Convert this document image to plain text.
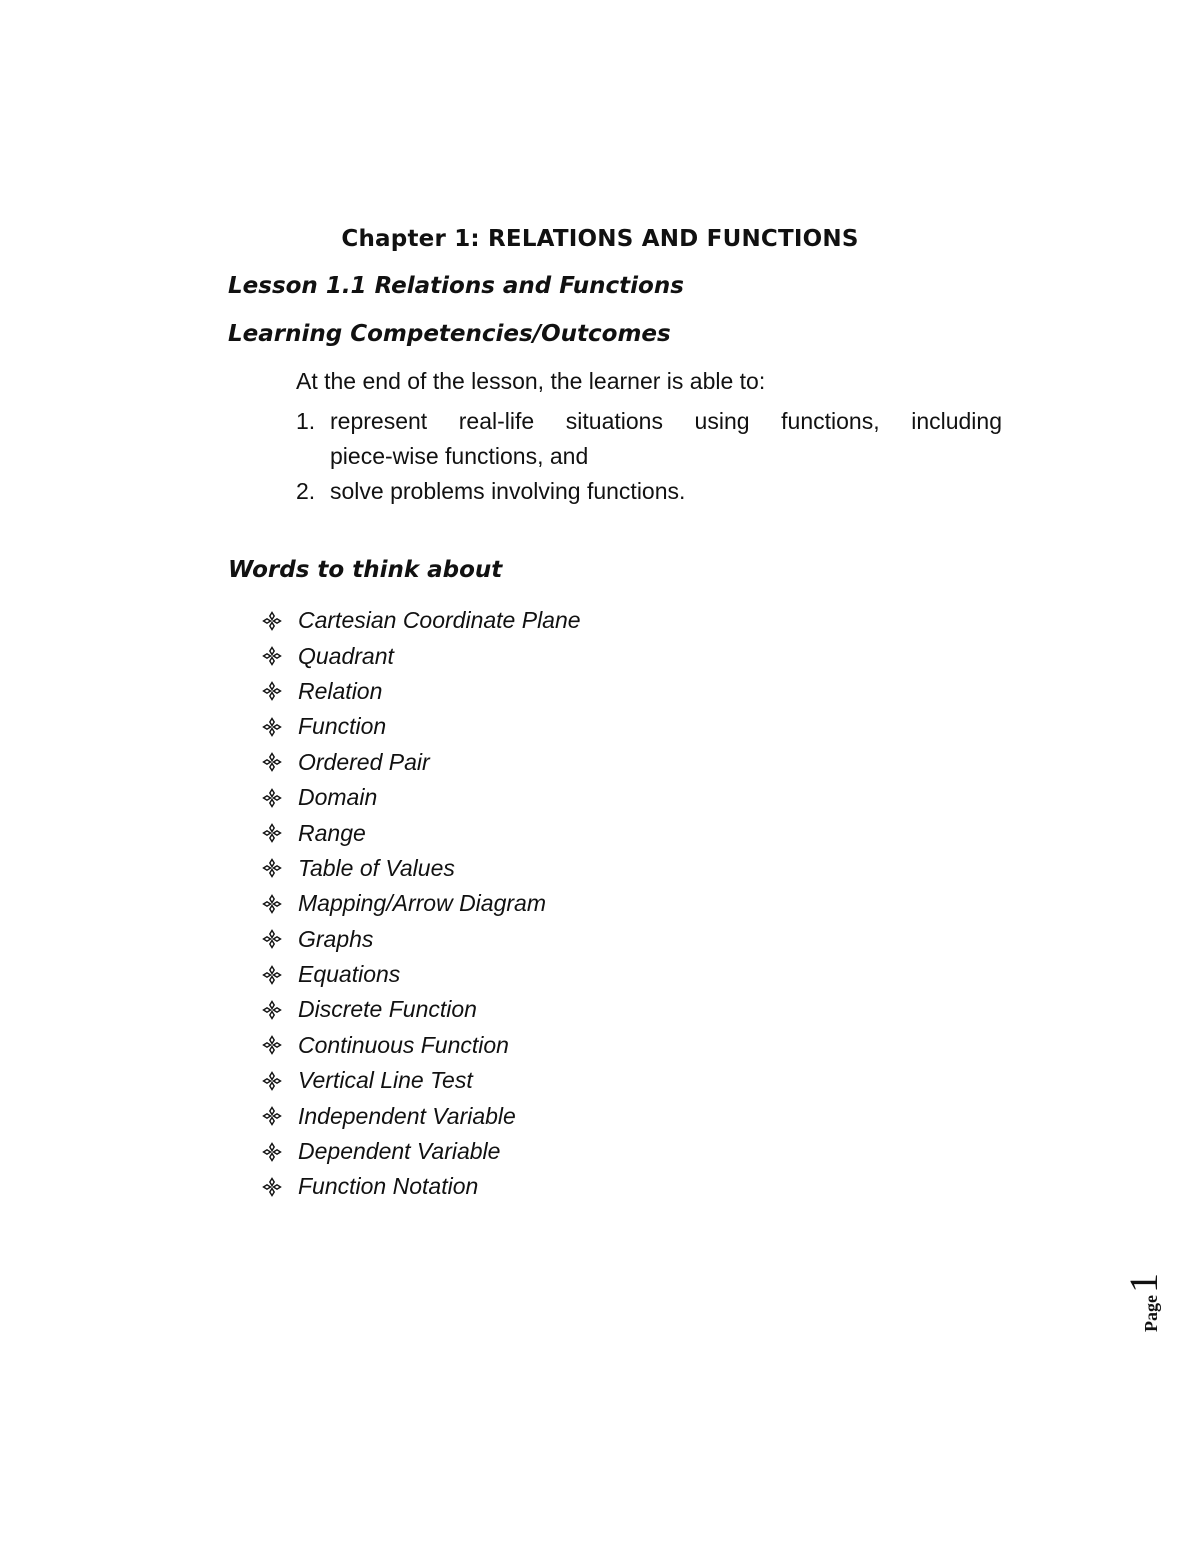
Chapter 1: RELATIONS AND FUNCTIONS
Lesson 1.1 Relations and Functions
Learning Competencies/Outcomes
At the end of the lesson, the learner is able to:
1. represent real-life situations using functions, including
piece-wise functions, and
2. solve problems involving functions.
Words to think about
Cartesian Coordinate Plane
Quadrant
Relation
Function
Ordered Pair
Domain
Range
Table of Values
Mapping/Arrow Diagram
Graphs
Equations
Discrete Function
Continuous Function
Vertical Line Test
Independent Variable
Dependent Variable
Function Notation
Page
1
